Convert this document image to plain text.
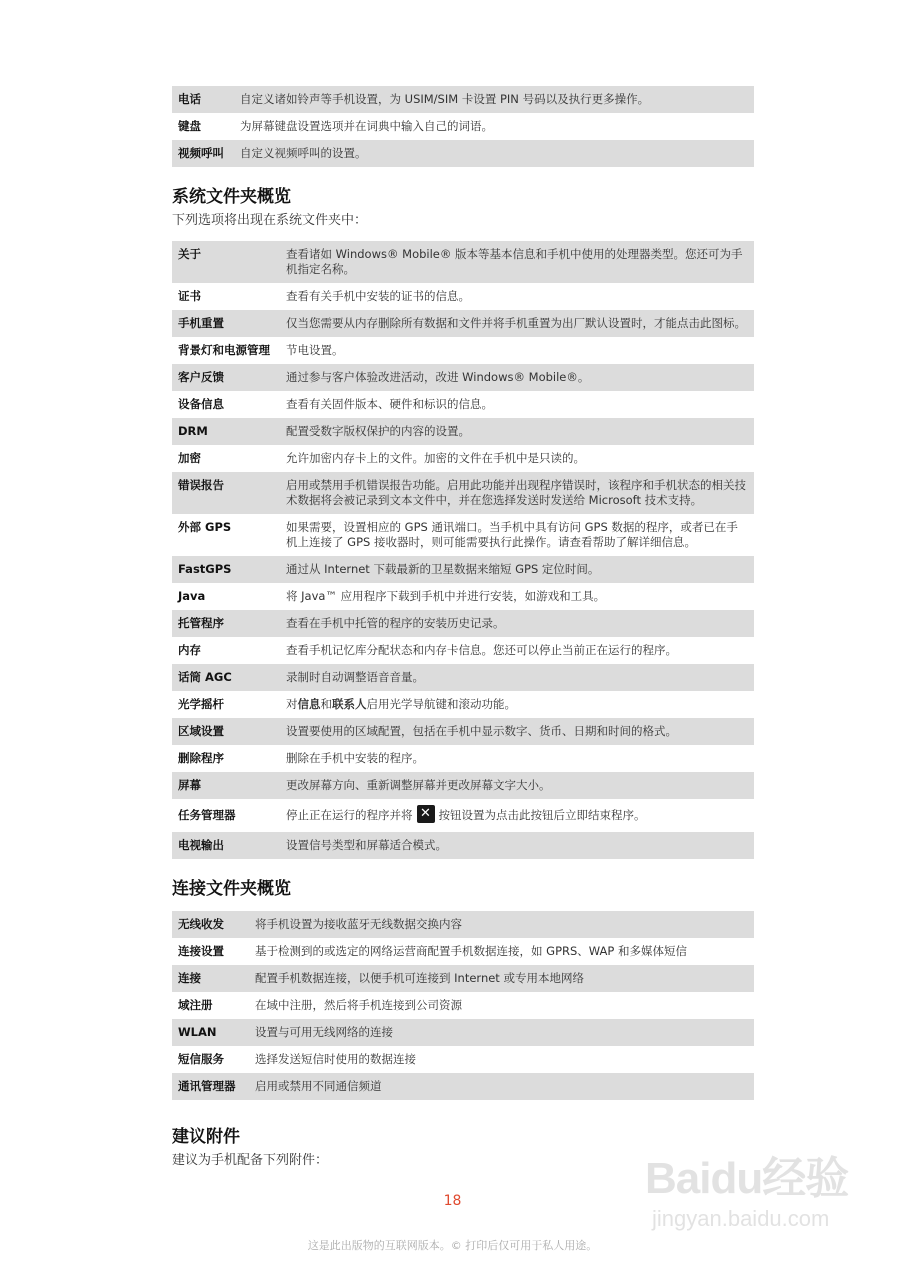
电话	自定义诸如铃声等手机设置，为 USIM/SIM 卡设置 PIN 号码以及执行更多操作。
键盘	为屏幕键盘设置选项并在词典中输入自己的词语。
视频呼叫	自定义视频呼叫的设置。
系统文件夹概览

下列选项将出现在系统文件夹中：

关于	查看诸如 Windows® Mobile® 版本等基本信息和手机中使用的处理器类型。您还可为手机指定名称。
证书	查看有关手机中安装的证书的信息。
手机重置	仅当您需要从内存删除所有数据和文件并将手机重置为出厂默认设置时，才能点击此图标。
背景灯和电源管理	节电设置。
客户反馈	通过参与客户体验改进活动，改进 Windows® Mobile®。
设备信息	查看有关固件版本、硬件和标识的信息。
DRM	配置受数字版权保护的内容的设置。
加密	允许加密内存卡上的文件。加密的文件在手机中是只读的。
错误报告	启用或禁用手机错误报告功能。启用此功能并出现程序错误时，该程序和手机状态的相关技术数据将会被记录到文本文件中，并在您选择发送时发送给 Microsoft 技术支持。
外部 GPS	如果需要，设置相应的 GPS 通讯端口。当手机中具有访问 GPS 数据的程序，或者已在手机上连接了 GPS 接收器时，则可能需要执行此操作。请查看帮助了解详细信息。
FastGPS	通过从 Internet 下载最新的卫星数据来缩短 GPS 定位时间。
Java	将 Java™ 应用程序下载到手机中并进行安装，如游戏和工具。
托管程序	查看在手机中托管的程序的安装历史记录。
内存	查看手机记忆库分配状态和内存卡信息。您还可以停止当前正在运行的程序。
话筒 AGC	录制时自动调整语音音量。
光学摇杆	对信息和联系人启用光学导航键和滚动功能。
区域设置	设置要使用的区域配置，包括在手机中显示数字、货币、日期和时间的格式。
删除程序	删除在手机中安装的程序。
屏幕	更改屏幕方向、重新调整屏幕并更改屏幕文字大小。
任务管理器	停止正在运行的程序并将 ✕ 按钮设置为点击此按钮后立即结束程序。
电视输出	设置信号类型和屏幕适合模式。
连接文件夹概览
无线收发	将手机设置为接收蓝牙无线数据交换内容
连接设置	基于检测到的或选定的网络运营商配置手机数据连接，如 GPRS、WAP 和多媒体短信
连接	配置手机数据连接，以便手机可连接到 Internet 或专用本地网络
域注册	在域中注册，然后将手机连接到公司资源
WLAN	设置与可用无线网络的连接
短信服务	选择发送短信时使用的数据连接
通讯管理器	启用或禁用不同通信频道
建议附件

建议为手机配备下列附件：

18
这是此出版物的互联网版本。© 打印后仅可用于私人用途。
Baidu经验
jingyan.baidu.com
